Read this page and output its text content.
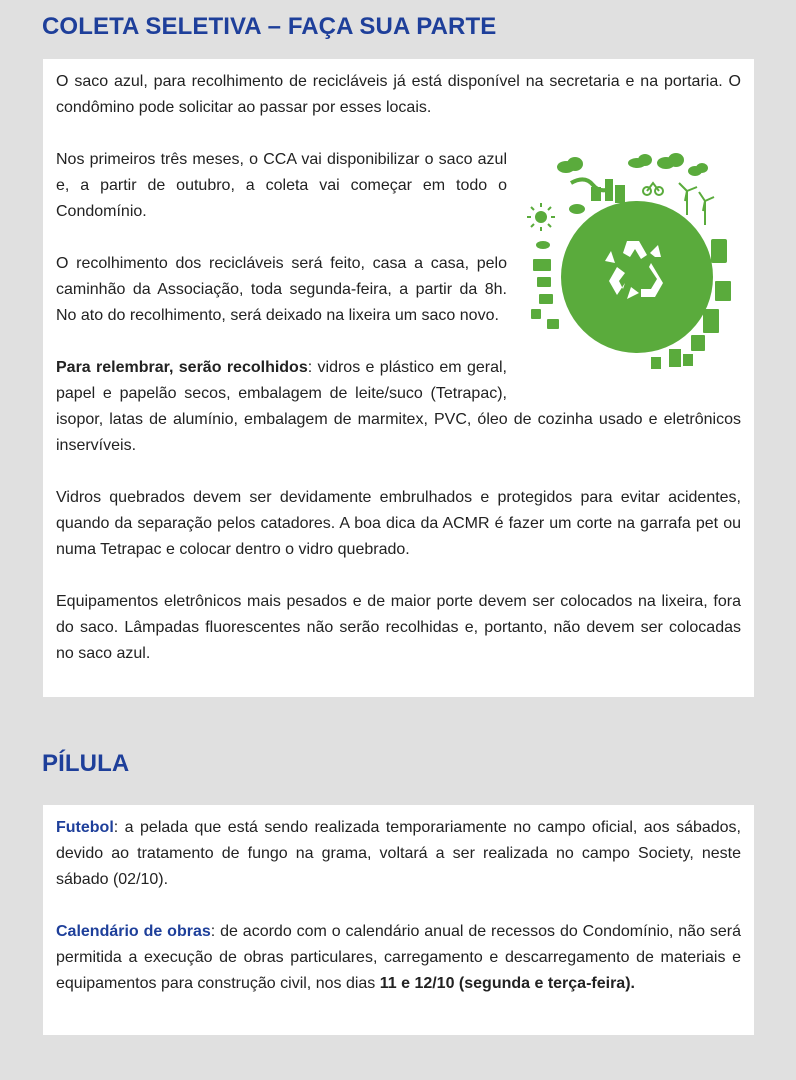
COLETA SELETIVA – FAÇA SUA PARTE

O saco azul, para recolhimento de recicláveis já está disponível na secretaria e na portaria. O condômino pode solicitar ao passar por esses locais.

Nos primeiros três meses, o CCA vai disponibilizar o saco azul e, a partir de outubro, a coleta vai começar em todo o Condomínio.

O recolhimento dos recicláveis será feito, casa a casa, pelo caminhão da Associação, toda segunda-feira, a partir da 8h. No ato do recolhimento, será deixado na lixeira um saco novo.

Para relembrar, serão recolhidos: vidros e plástico em geral, papel e papelão secos, embalagem de leite/suco (Tetrapac), isopor, latas de alumínio, embalagem de marmitex, PVC, óleo de cozinha usado e eletrônicos inservíveis.

Vidros quebrados devem ser devidamente embrulhados e protegidos para evitar acidentes, quando da separação pelos catadores. A boa dica da ACMR é fazer um corte na garrafa pet ou numa Tetrapac e colocar dentro o vidro quebrado.

Equipamentos eletrônicos mais pesados e de maior porte devem ser colocados na lixeira, fora do saco. Lâmpadas fluorescentes não serão recolhidas e, portanto, não devem ser colocadas no saco azul.

PÍLULA

Futebol: a pelada que está sendo realizada temporariamente no campo oficial, aos sábados, devido ao tratamento de fungo na grama, voltará a ser realizada no campo Society, neste sábado (02/10).

Calendário de obras: de acordo com o calendário anual de recessos do Condomínio, não será permitida a execução de obras particulares, carregamento e descarregamento de materiais e equipamentos para construção civil, nos dias 11 e 12/10 (segunda e terça-feira).
